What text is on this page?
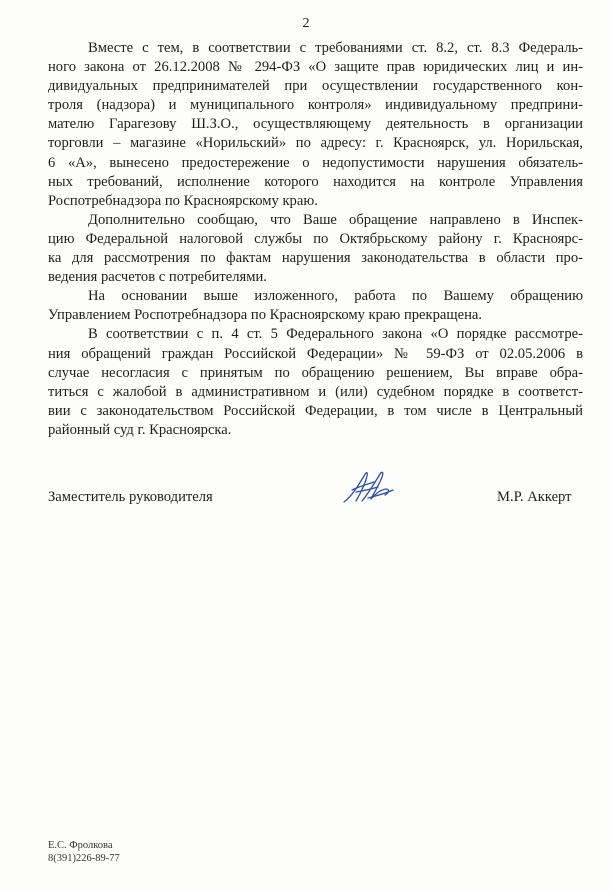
2

Вместе с тем, в соответствии с требованиями ст. 8.2, ст. 8.3 Федераль-
ного закона от 26.12.2008 № 294-ФЗ «О защите прав юридических лиц и ин-
дивидуальных предпринимателей при осуществлении государственного кон-
троля (надзора) и муниципального контроля» индивидуальному предприни-
мателю Гарагезову Ш.З.О., осуществляющему деятельность в организации
торговли – магазине «Норильский» по адресу: г. Красноярск, ул. Норильская,
6 «А», вынесено предостережение о недопустимости нарушения обязатель-
ных требований, исполнение которого находится на контроле Управления
Роспотребнадзора по Красноярскому краю.

Дополнительно сообщаю, что Ваше обращение направлено в Инспек-
цию Федеральной налоговой службы по Октябрьскому району г. Красноярс-
ка для рассмотрения по фактам нарушения законодательства в области про-
ведения расчетов с потребителями.

На основании выше изложенного, работа по Вашему обращению
Управлением Роспотребнадзора по Красноярскому краю прекращена.

В соответствии с п. 4 ст. 5 Федерального закона «О порядке рассмотре-
ния обращений граждан Российской Федерации» № 59-ФЗ от 02.05.2006 в
случае несогласия с принятым по обращению решением, Вы вправе обра-
титься с жалобой в административном и (или) судебном порядке в соответст-
вии с законодательством Российской Федерации, в том числе в Центральный
районный суд г. Красноярска.

Заместитель руководителя	М.Р. Аккерт
Е.С. Фролкова
8(391)226-89-77
